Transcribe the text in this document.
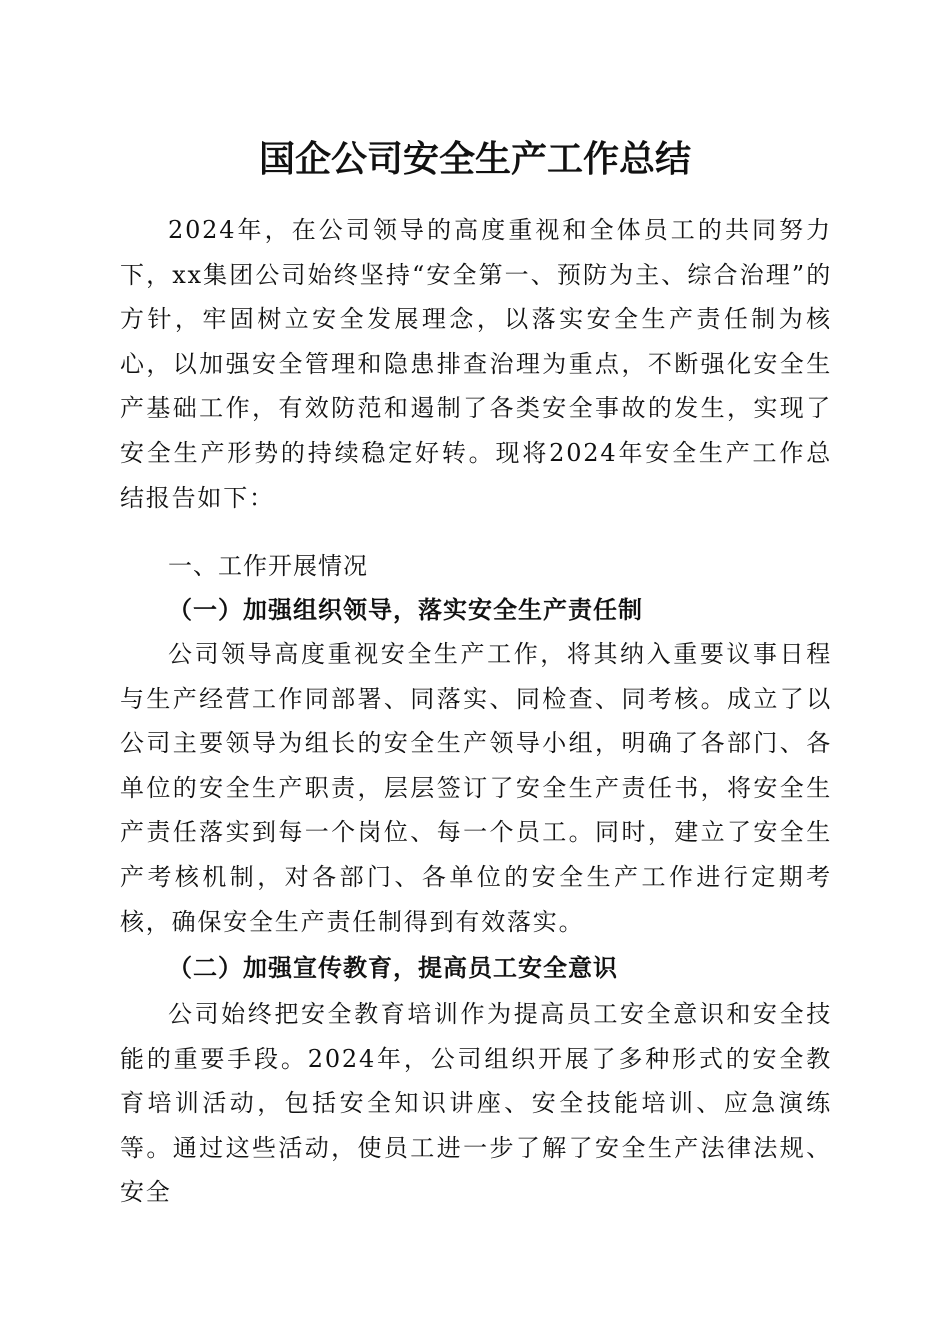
国企公司安全生产工作总结

2024年，在公司领导的高度重视和全体员工的共同努力下，xx集团公司始终坚持“安全第一、预防为主、综合治理”的方针，牢固树立安全发展理念，以落实安全生产责任制为核心，以加强安全管理和隐患排查治理为重点，不断强化安全生产基础工作，有效防范和遏制了各类安全事故的发生，实现了安全生产形势的持续稳定好转。现将2024年安全生产工作总结报告如下：

一、工作开展情况
（一）加强组织领导，落实安全生产责任制

公司领导高度重视安全生产工作，将其纳入重要议事日程与生产经营工作同部署、同落实、同检查、同考核。成立了以公司主要领导为组长的安全生产领导小组，明确了各部门、各单位的安全生产职责，层层签订了安全生产责任书，将安全生产责任落实到每一个岗位、每一个员工。同时，建立了安全生产考核机制，对各部门、各单位的安全生产工作进行定期考核，确保安全生产责任制得到有效落实。

（二）加强宣传教育，提高员工安全意识

公司始终把安全教育培训作为提高员工安全意识和安全技能的重要手段。2024年，公司组织开展了多种形式的安全教育培训活动，包括安全知识讲座、安全技能培训、应急演练等。通过这些活动，使员工进一步了解了安全生产法律法规、安全
